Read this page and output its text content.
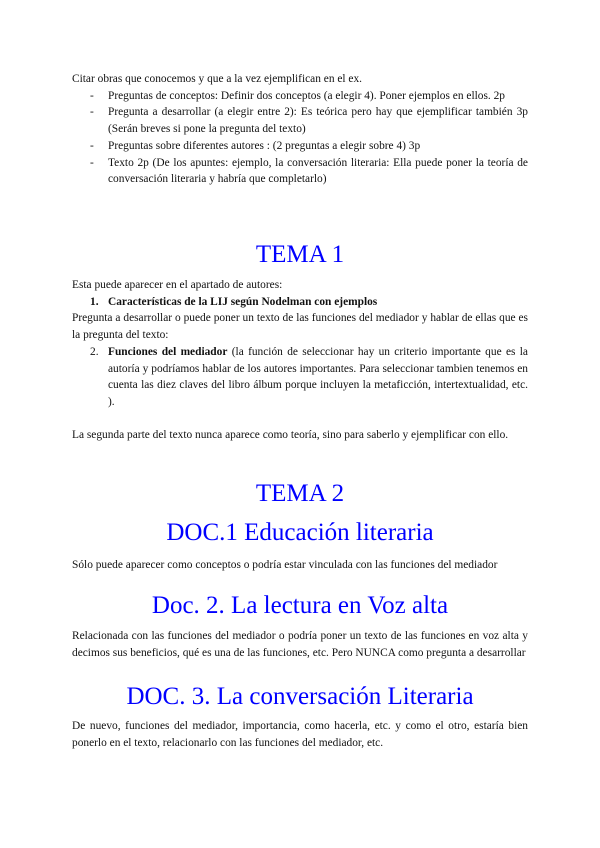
Citar obras que conocemos y que a la vez ejemplifican en el ex.

- Preguntas de conceptos: Definir dos conceptos (a elegir 4). Poner ejemplos en ellos. 2p
- Pregunta a desarrollar (a elegir entre 2): Es teórica pero hay que ejemplificar también 3p (Serán breves si pone la pregunta del texto)
- Preguntas sobre diferentes autores : (2 preguntas a elegir sobre 4) 3p
- Texto 2p (De los apuntes: ejemplo, la conversación literaria: Ella puede poner la teoría de conversación literaria y habría que completarlo)
TEMA 1

Esta puede aparecer en el apartado de autores:

1. Características de la LIJ según Nodelman con ejemplos

Pregunta a desarrollar o puede poner un texto de las funciones del mediador y hablar de ellas que es la pregunta del texto:

2. Funciones del mediador (la función de seleccionar hay un criterio importante que es la autoría y podríamos hablar de los autores importantes. Para seleccionar tambien tenemos en cuenta las diez claves del libro álbum porque incluyen la metaficción, intertextualidad, etc. ).

La segunda parte del texto nunca aparece como teoría, sino para saberlo y ejemplificar con ello.

TEMA 2
DOC.1 Educación literaria
Sólo puede aparecer como conceptos o podría estar vinculada con las funciones del mediador
Doc. 2. La lectura en Voz alta
Relacionada con las funciones del mediador o podría poner un texto de las funciones en voz alta y decimos sus beneficios, qué es una de las funciones, etc. Pero NUNCA como pregunta a desarrollar
DOC. 3. La conversación Literaria
De nuevo, funciones del mediador, importancia, como hacerla, etc. y como el otro, estaría bien ponerlo en el texto, relacionarlo con las funciones del mediador, etc.
